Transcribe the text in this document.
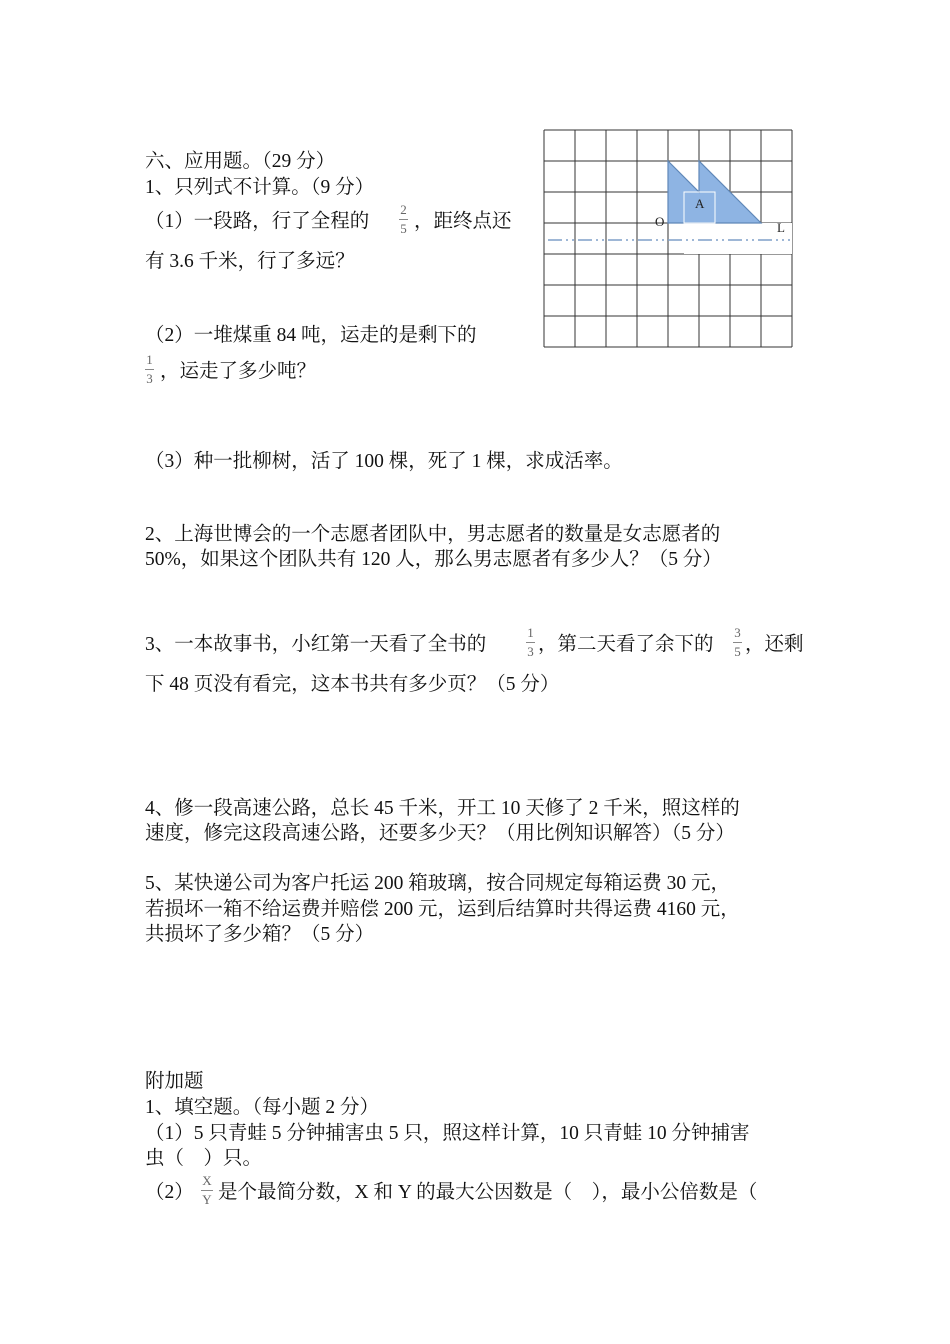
六、应用题。（29 分）
1、只列式不计算。（9 分）
（1）一段路，行了全程的
2
5 ，距终点还
有 3.6 千米，行了多远？
（2）一堆煤重 84 吨，运走的是剩下的
1
3 ，运走了多少吨？
（3）种一批柳树，活了 100 棵，死了 1 棵，求成活率。
2、上海世博会的一个志愿者团队中，男志愿者的数量是女志愿者的
50%，如果这个团队共有 120 人，那么男志愿者有多少人？（5 分）
3、一本故事书，小红第一天看了全书的
1
3 ，第二天看了余下的
3
5 ，还剩
下 48 页没有看完，这本书共有多少页？（5 分）
4、修一段高速公路，总长 45 千米，开工 10 天修了 2 千米，照这样的
速度，修完这段高速公路，还要多少天？（用比例知识解答）（5 分）
5、某快递公司为客户托运 200 箱玻璃，按合同规定每箱运费 30 元，
若损坏一箱不给运费并赔偿 200 元，运到后结算时共得运费 4160 元，
共损坏了多少箱？（5 分）
附加题
1、填空题。（每小题 2 分）
（1）5 只青蛙 5 分钟捕害虫 5 只，照这样计算，10 只青蛙 10 分钟捕害
虫（　）只。
（2）
X
Y 是个最简分数，X 和 Y 的最大公因数是（　），最小公倍数是（
O
A
L
